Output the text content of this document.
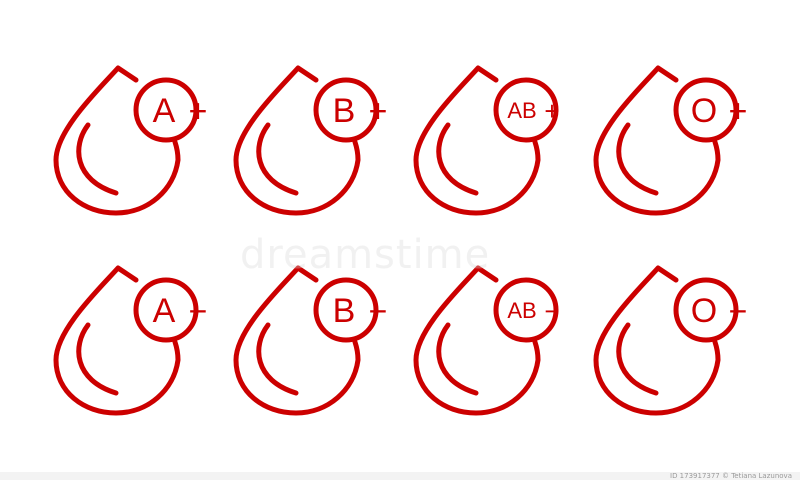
A +	B +	AB +	O +
A −	B −	AB −	O −
dreamstime
ID 173917377 © Tetiana Lazunova
